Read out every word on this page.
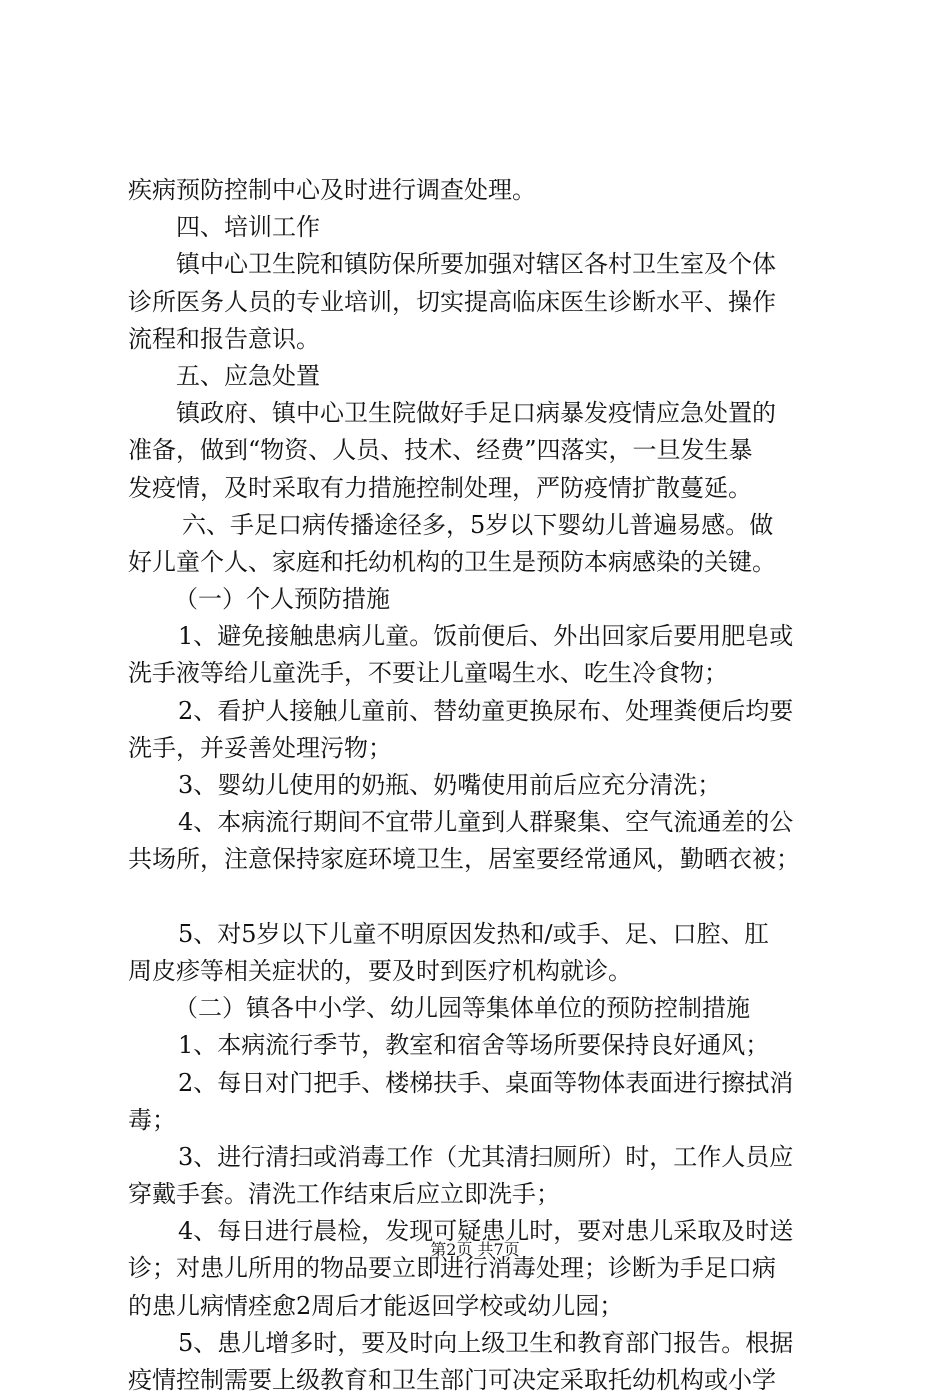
疾病预防控制中心及时进行调查处理。
四、培训工作
镇中心卫生院和镇防保所要加强对辖区各村卫生室及个体
诊所医务人员的专业培训，切实提高临床医生诊断水平、操作
流程和报告意识。
五、应急处置
镇政府、镇中心卫生院做好手足口病暴发疫情应急处置的
准备，做到“物资、人员、技术、经费”四落实，一旦发生暴
发疫情，及时采取有力措施控制处理，严防疫情扩散蔓延。
六、手足口病传播途径多，5岁以下婴幼儿普遍易感。做
好儿童个人、家庭和托幼机构的卫生是预防本病感染的关键。
（一）个人预防措施
1、避免接触患病儿童。饭前便后、外出回家后要用肥皂或
洗手液等给儿童洗手，不要让儿童喝生水、吃生冷食物；
2、看护人接触儿童前、替幼童更换尿布、处理粪便后均要
洗手，并妥善处理污物；
3、婴幼儿使用的奶瓶、奶嘴使用前后应充分清洗；
4、本病流行期间不宜带儿童到人群聚集、空气流通差的公
共场所，注意保持家庭环境卫生，居室要经常通风，勤晒衣被；
5、对5岁以下儿童不明原因发热和/或手、足、口腔、肛
周皮疹等相关症状的，要及时到医疗机构就诊。
（二）镇各中小学、幼儿园等集体单位的预防控制措施
1、本病流行季节，教室和宿舍等场所要保持良好通风；
2、每日对门把手、楼梯扶手、桌面等物体表面进行擦拭消
毒；
3、进行清扫或消毒工作（尤其清扫厕所）时，工作人员应
穿戴手套。清洗工作结束后应立即洗手；
4、每日进行晨检，发现可疑患儿时，要对患儿采取及时送
诊；对患儿所用的物品要立即进行消毒处理；诊断为手足口病
的患儿病情痊愈2周后才能返回学校或幼儿园；
5、患儿增多时，要及时向上级卫生和教育部门报告。根据
疫情控制需要上级教育和卫生部门可决定采取托幼机构或小学
第2页 共7页
